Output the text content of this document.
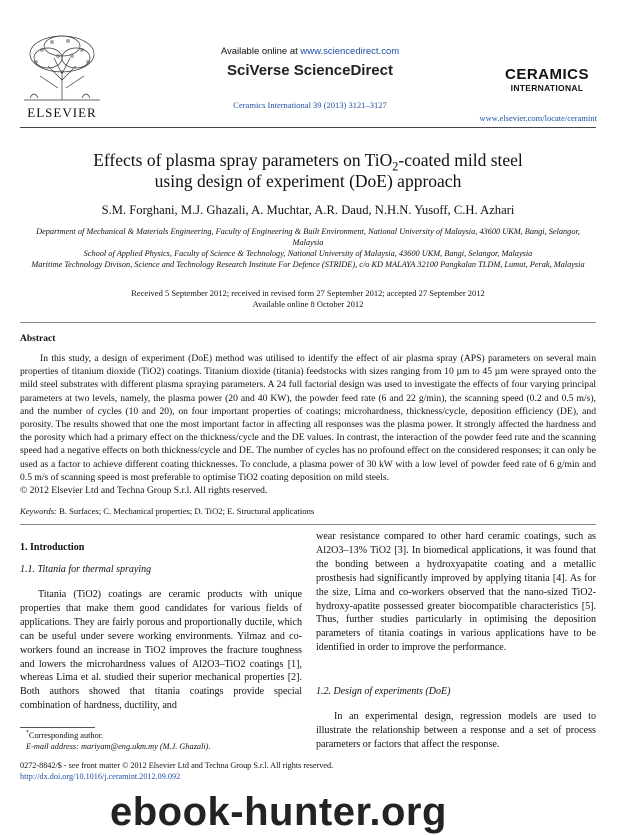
ELSEVIER
Available online at www.sciencedirect.com
SciVerse ScienceDirect
Ceramics International 39 (2013) 3121–3127
CERAMICS
INTERNATIONAL
www.elsevier.com/locate/ceramint
Effects of plasma spray parameters on TiO$_2$-coated mild steel
using design of experiment (DoE) approach
S.M. Forghani, M.J. Ghazali, A. Muchtar, A.R. Daud, N.H.N. Yusoff, C.H. Azhari
Department of Mechanical & Materials Engineering, Faculty of Engineering & Built Environment, National University of Malaysia, 43600 UKM, Bangi, Selangor, Malaysia
School of Applied Physics, Faculty of Science & Technology, National University of Malaysia, 43600 UKM, Bangi, Selangor, Malaysia
Maritime Technology Divison, Science and Technology Research Institute For Defence (STRIDE), c/o KD MALAYA 32100 Pangkalan TLDM, Lumut, Perak, Malaysia
Received 5 September 2012; received in revised form 27 September 2012; accepted 27 September 2012
Available online 8 October 2012
Abstract
In this study, a design of experiment (DoE) method was utilised to identify the effect of air plasma spray (APS) parameters on several main properties of titanium dioxide (TiO2) coatings. Titanium dioxide (titania) feedstocks with sizes ranging from 10 µm to 45 µm were sprayed onto the mild steel substrates with different plasma spraying parameters. A 24 full factorial design was used to investigate the effects of four varying principal parameters at two levels, namely, the plasma power (20 and 40 KW), the powder feed rate (6 and 22 g/min), the scanning speed (0.2 and 0.5 m/s), and the number of cycles (10 and 20), on four important properties of coatings; microhardness, thickness/cycle, deposition efficiency (DE), and porosity. The results showed that one the most important factor in affecting all responses was the plasma power. It strongly affected the hardness and the porosity which had a primary effect on the thickness/cycle and the DE values. In contrast, the interaction of the powder feed rate and the scanning speed had a negative effects on both thickness/cycle and DE. The number of cycles has no profound effect on the considered responses; it can only be used as a factor to achieve different coating thicknesses. To conclude, a plasma power of 30 kW with a low level of powder feed rate of 6 g/min and 0.5 m/s of scanning speed is most preferable to optimise TiO2 coating deposition on mild steels.
© 2012 Elsevier Ltd and Techna Group S.r.l. All rights reserved.
Keywords: B. Surfaces; C. Mechanical properties; D. TiO2; E. Structural applications
1. Introduction
1.1. Titania for thermal spraying

Titania (TiO2) coatings are ceramic products with unique properties that make them good candidates for various fields of applications. They are fairly porous and proportionally ductile, which can be useful under severe working environments. Yilmaz and co-workers found an increase in TiO2 improves the fracture toughness and lowers the microhardness values of Al2O3–TiO2 coatings [1], whereas Lima et al. studied their superior mechanical properties [2]. Both authors showed that titania coatings provide special combination of hardness, ductility, and

*Corresponding author.
E-mail address: mariyam@eng.ukm.my (M.J. Ghazali).

wear resistance compared to other hard ceramic coatings, such as Al2O3–13% TiO2 [3]. In biomedical applications, it was found that the bonding between a hydroxyapatite coating and a metallic prosthesis had significantly improved by applying titania [4]. As for the size, Lima and co-workers observed that the nano-sized TiO2-hydroxy-apatite possessed greater biocompatible characteristics [5]. Thus, further studies particularly in optimising the deposition parameters of titania coatings in various applications have to be identified in order to improve the performance.

1.2. Design of experiments (DoE)

In an experimental design, regression models are used to illustrate the relationship between a response and a set of process parameters or factors that affect the response.

0272-8842/$ - see front matter © 2012 Elsevier Ltd and Techna Group S.r.l. All rights reserved.
http://dx.doi.org/10.1016/j.ceramint.2012.09.092
ebook-hunter.org
